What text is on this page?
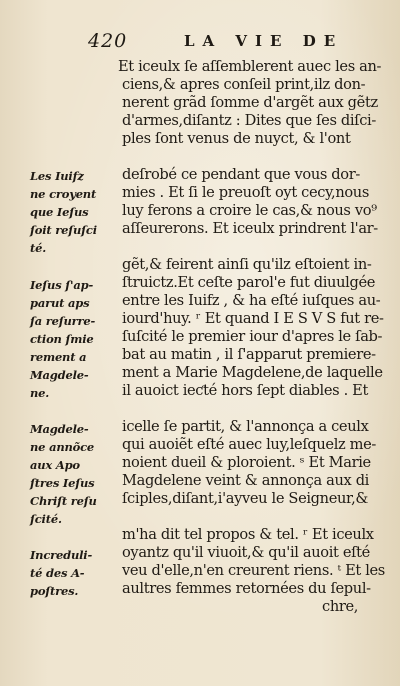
420	LA VIE DE
Les Iuifz
ne croyent
que Ieſus
ſoit reſuſci
té.
Ieſus ſ'ap-
parut aps
ſa reſurre-
ction ſmie
rement a
Magdele-
ne.
Magdele-
ne annõce
aux Apo
ſtres Ieſus
Chriſt reſu
ſcité.
Increduli-
té des A-
poſtres.
Et iceulx ſe aſſemblerent auec les an-
ciens,& apres conſeil print,ilz don-
nerent grãd ſomme d'argẽt aux gẽtz
d'armes,diſantz : Dites que ſes diſci-
ples ſont venus de nuyct, & l'ont
deſrobé ce pendant que vous dor-
mies . Et ſi le preuoſt oyt cecy,nous
luy ferons a croire le cas,& nous vo⁹
aſſeurerons. Et iceulx prindrent l'ar-
gẽt,& feirent ainſi qu'ilz eſtoient in-
ſtruictz.Et ceſte parol'e fut diuulgée
entre les Iuifz , & ha eſté iuſques au-
iourd'huy. ʳ Et quand I E S V S fut re-
ſuſcité le premier iour d'apres le ſab-
bat au matin , il ſ'apparut premiere-
ment a Marie Magdelene,de laquelle
il auoict ieƈté hors ſept diables . Et
icelle ſe partit, & l'annonça a ceulx
qui auoiẽt eſté auec luy,leſquelz me-
noient dueil & ploroient. ˢ Et Marie
Magdelene veint & annonça aux di
ſciples,diſant,i'ayveu le Seigneur,&
m'ha dit tel propos & tel. ʳ Et iceulx
oyantz qu'il viuoit,& qu'il auoit eſté
veu d'elle,n'en creurent riens. ᵗ Et les
aultres femmes retornées du ſepul-
chre,
